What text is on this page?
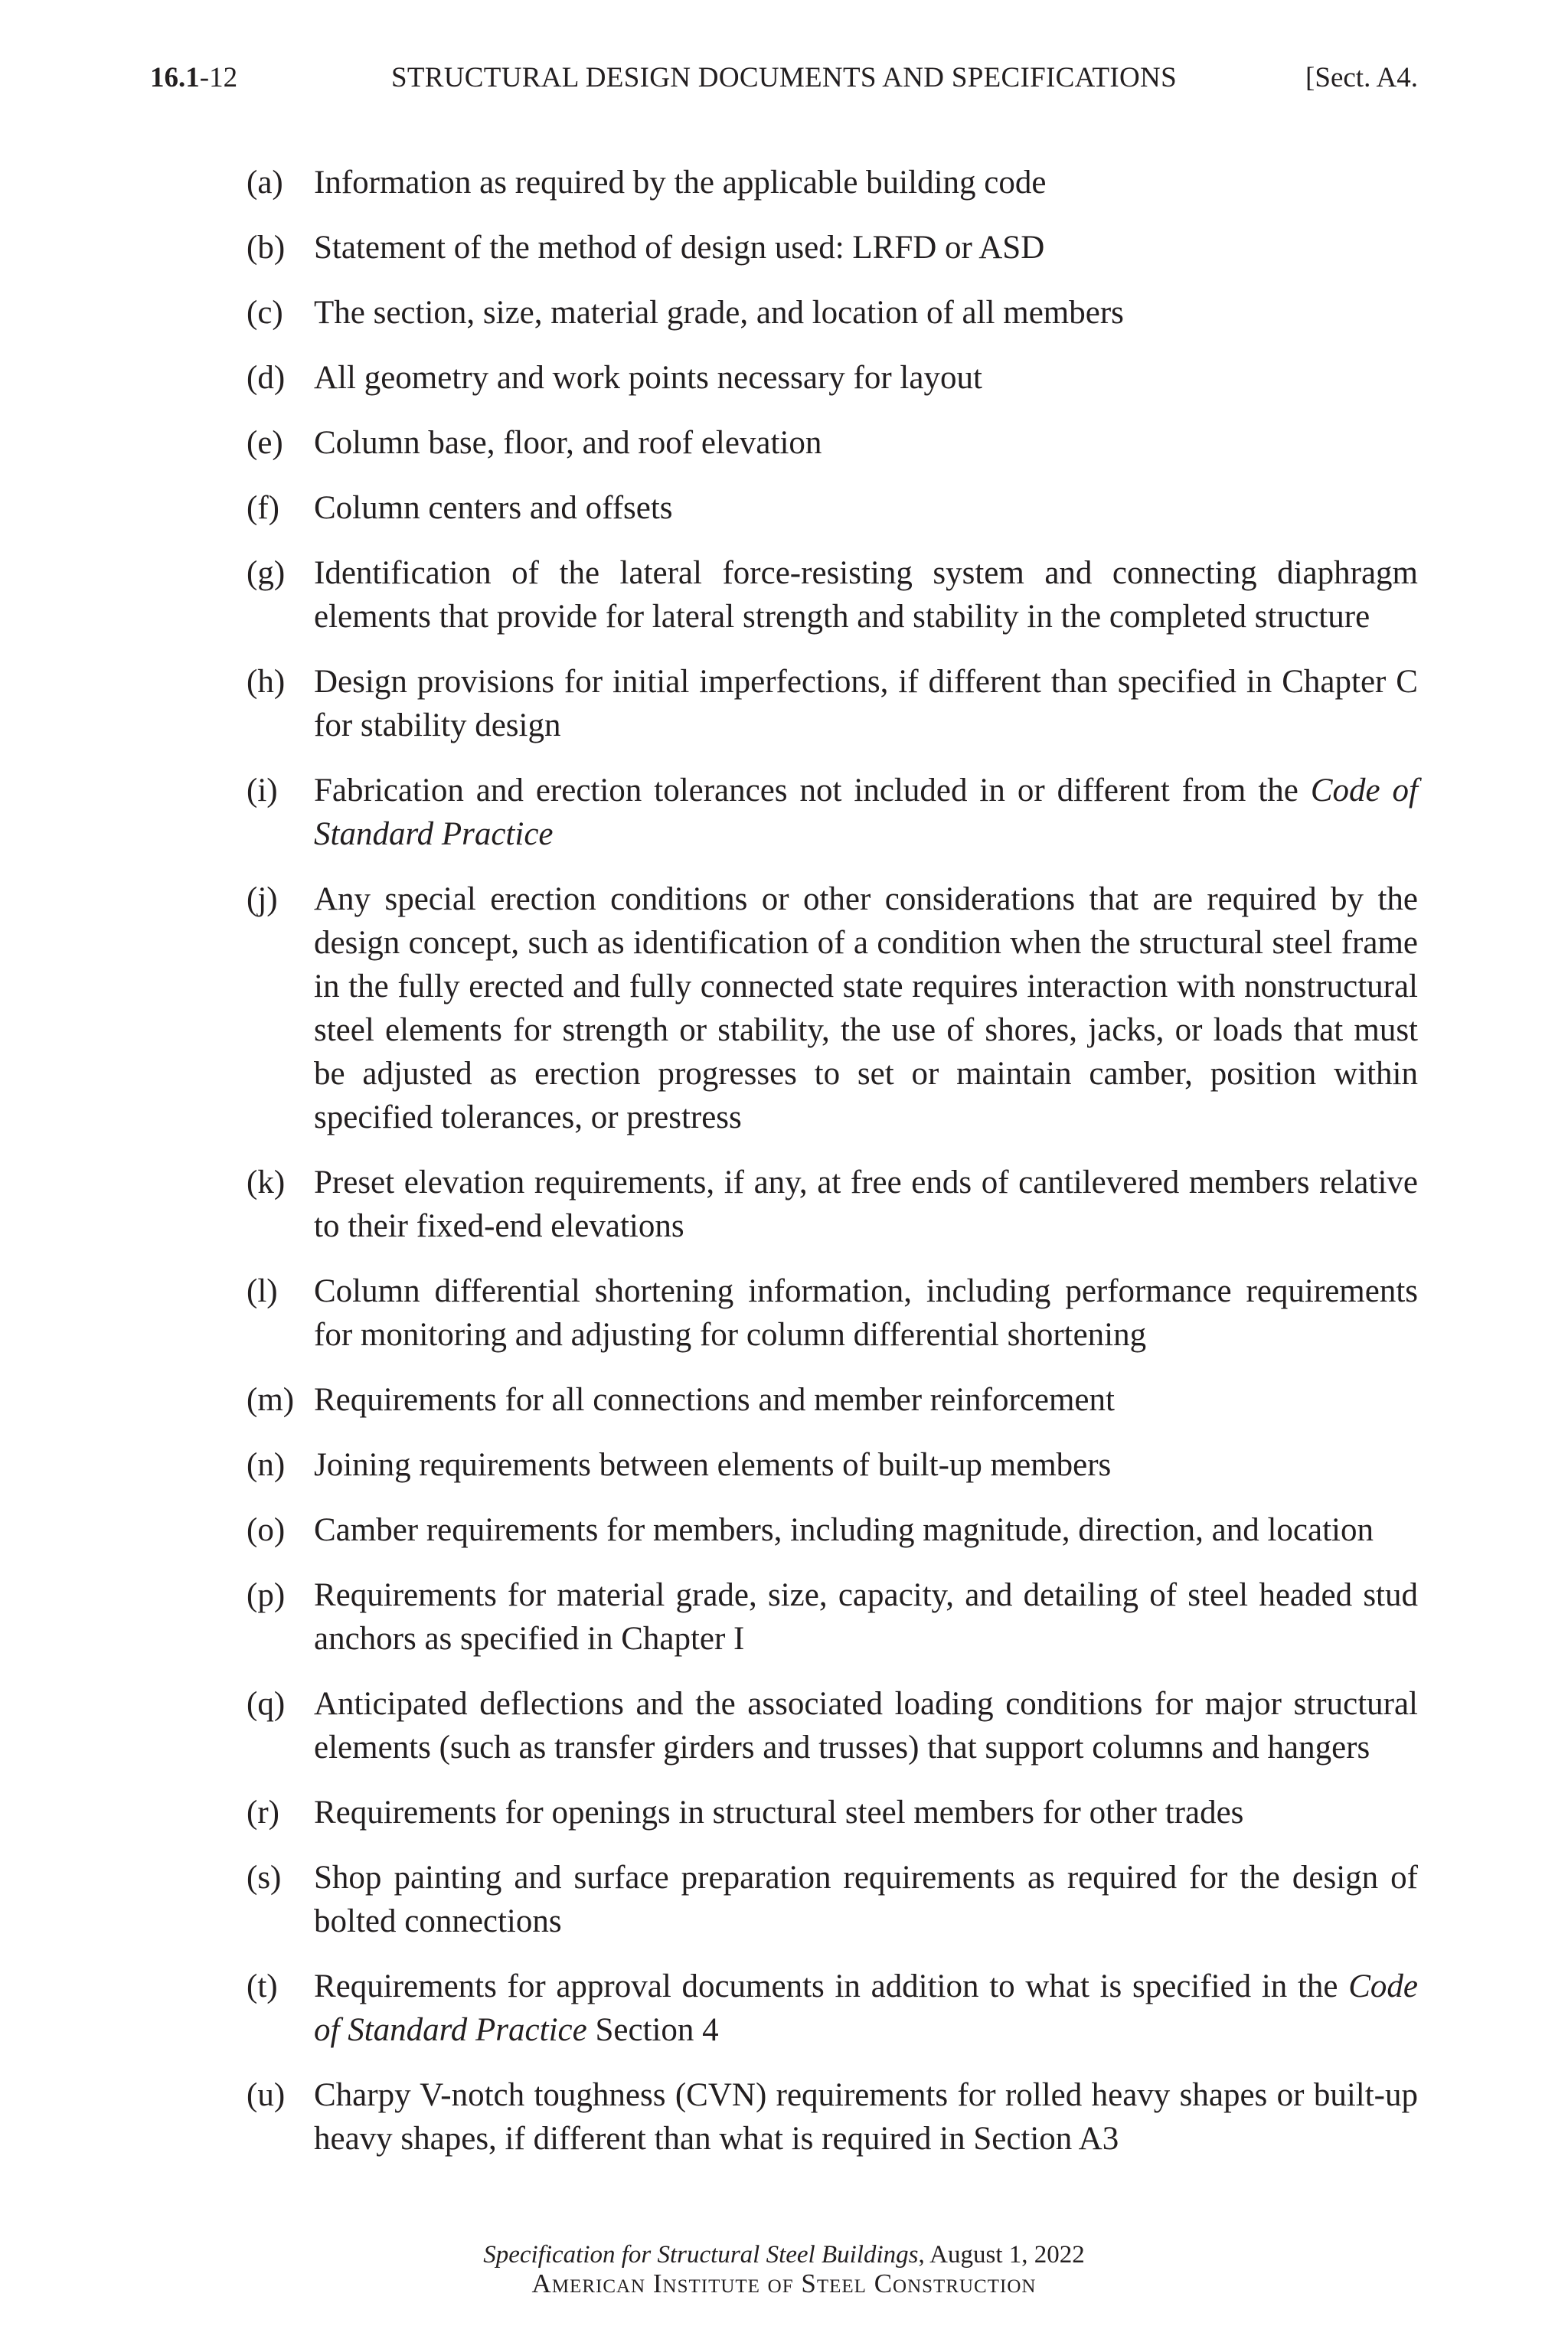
16.1-12	STRUCTURAL DESIGN DOCUMENTS AND SPECIFICATIONS	[Sect. A4.
(a) Information as required by the applicable building code
(b) Statement of the method of design used: LRFD or ASD
(c) The section, size, material grade, and location of all members
(d) All geometry and work points necessary for layout
(e) Column base, floor, and roof elevation
(f) Column centers and offsets
(g) Identification of the lateral force-resisting system and connecting diaphragm elements that provide for lateral strength and stability in the completed structure
(h) Design provisions for initial imperfections, if different than specified in Chapter C for stability design
(i) Fabrication and erection tolerances not included in or different from the Code of Standard Practice
(j) Any special erection conditions or other considerations that are required by the design concept, such as identification of a condition when the structural steel frame in the fully erected and fully connected state requires interaction with nonstructural steel elements for strength or stability, the use of shores, jacks, or loads that must be adjusted as erection progresses to set or maintain camber, position within specified tolerances, or prestress
(k) Preset elevation requirements, if any, at free ends of cantilevered members relative to their fixed-end elevations
(l) Column differential shortening information, including performance requirements for monitoring and adjusting for column differential shortening
(m) Requirements for all connections and member reinforcement
(n) Joining requirements between elements of built-up members
(o) Camber requirements for members, including magnitude, direction, and location
(p) Requirements for material grade, size, capacity, and detailing of steel headed stud anchors as specified in Chapter I
(q) Anticipated deflections and the associated loading conditions for major structural elements (such as transfer girders and trusses) that support columns and hangers
(r) Requirements for openings in structural steel members for other trades
(s) Shop painting and surface preparation requirements as required for the design of bolted connections
(t) Requirements for approval documents in addition to what is specified in the Code of Standard Practice Section 4
(u) Charpy V-notch toughness (CVN) requirements for rolled heavy shapes or built-up heavy shapes, if different than what is required in Section A3
Specification for Structural Steel Buildings, August 1, 2022
American Institute of Steel Construction
